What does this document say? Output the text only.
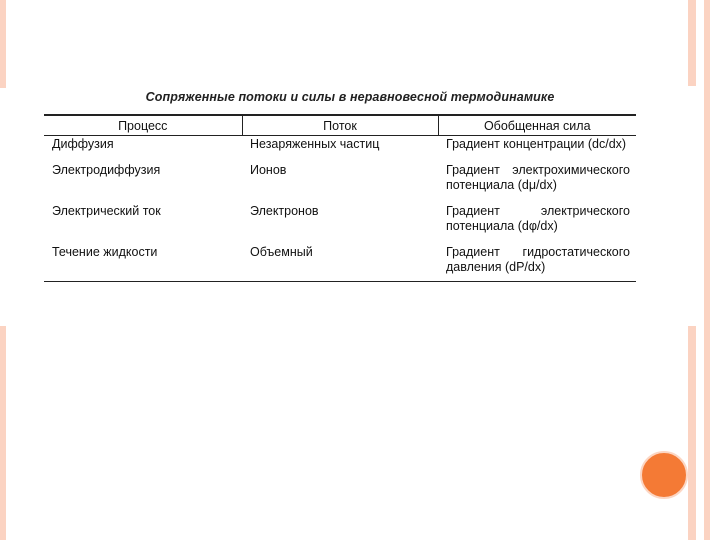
Сопряженные потоки и силы в неравновесной термодинамике
Процесс	Поток	Обобщенная сила
Диффузия	Незаряженных частиц	Градиент концентрации (dc/dx)
Электродиффузия	Ионов	Градиент электрохимического потенциала (dμ/dx)
Электрический ток	Электронов	Градиент электрического потенциала (dφ/dx)
Течение жидкости	Объемный	Градиент гидростатического давления (dP/dx)
